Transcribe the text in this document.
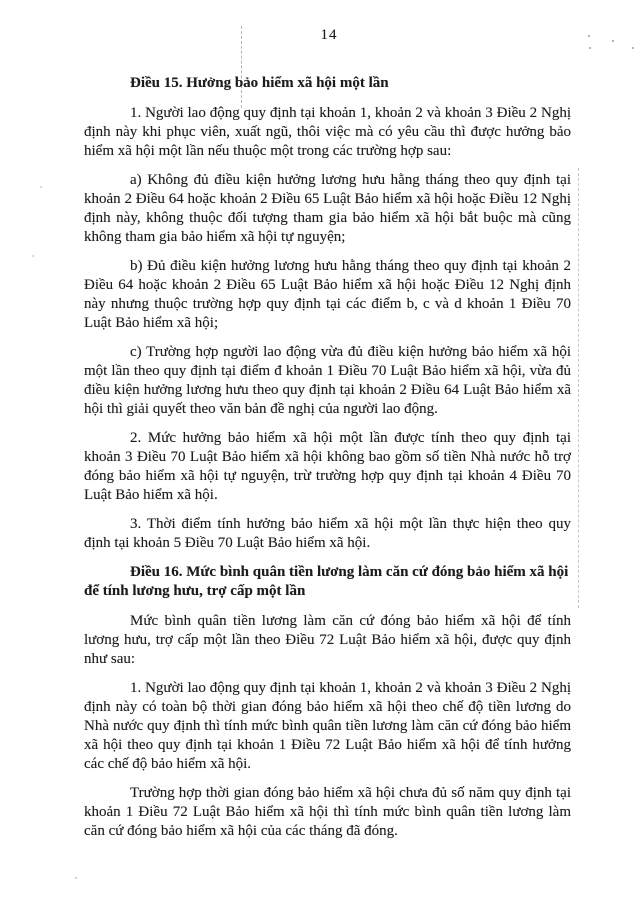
14
Điều 15. Hưởng bảo hiểm xã hội một lần

1. Người lao động quy định tại khoản 1, khoản 2 và khoản 3 Điều 2 Nghị định này khi phục viên, xuất ngũ, thôi việc mà có yêu cầu thì được hưởng bảo hiểm xã hội một lần nếu thuộc một trong các trường hợp sau:

a) Không đủ điều kiện hưởng lương hưu hằng tháng theo quy định tại khoản 2 Điều 64 hoặc khoản 2 Điều 65 Luật Bảo hiểm xã hội hoặc Điều 12 Nghị định này, không thuộc đối tượng tham gia bảo hiểm xã hội bắt buộc mà cũng không tham gia bảo hiểm xã hội tự nguyện;

b) Đủ điều kiện hưởng lương hưu hằng tháng theo quy định tại khoản 2 Điều 64 hoặc khoản 2 Điều 65 Luật Bảo hiểm xã hội hoặc Điều 12 Nghị định này nhưng thuộc trường hợp quy định tại các điểm b, c và d khoản 1 Điều 70 Luật Bảo hiểm xã hội;

c) Trường hợp người lao động vừa đủ điều kiện hưởng bảo hiểm xã hội một lần theo quy định tại điểm đ khoản 1 Điều 70 Luật Bảo hiểm xã hội, vừa đủ điều kiện hưởng lương hưu theo quy định tại khoản 2 Điều 64 Luật Bảo hiểm xã hội thì giải quyết theo văn bản đề nghị của người lao động.

2. Mức hưởng bảo hiểm xã hội một lần được tính theo quy định tại khoản 3 Điều 70 Luật Bảo hiểm xã hội không bao gồm số tiền Nhà nước hỗ trợ đóng bảo hiểm xã hội tự nguyện, trừ trường hợp quy định tại khoản 4 Điều 70 Luật Bảo hiểm xã hội.

3. Thời điểm tính hưởng bảo hiểm xã hội một lần thực hiện theo quy định tại khoản 5 Điều 70 Luật Bảo hiểm xã hội.

Điều 16. Mức bình quân tiền lương làm căn cứ đóng bảo hiểm xã hội để tính lương hưu, trợ cấp một lần

Mức bình quân tiền lương làm căn cứ đóng bảo hiểm xã hội để tính lương hưu, trợ cấp một lần theo Điều 72 Luật Bảo hiểm xã hội, được quy định như sau:

1. Người lao động quy định tại khoản 1, khoản 2 và khoản 3 Điều 2 Nghị định này có toàn bộ thời gian đóng bảo hiểm xã hội theo chế độ tiền lương do Nhà nước quy định thì tính mức bình quân tiền lương làm căn cứ đóng bảo hiểm xã hội theo quy định tại khoản 1 Điều 72 Luật Bảo hiểm xã hội để tính hưởng các chế độ bảo hiểm xã hội.

Trường hợp thời gian đóng bảo hiểm xã hội chưa đủ số năm quy định tại khoản 1 Điều 72 Luật Bảo hiểm xã hội thì tính mức bình quân tiền lương làm căn cứ đóng bảo hiểm xã hội của các tháng đã đóng.
